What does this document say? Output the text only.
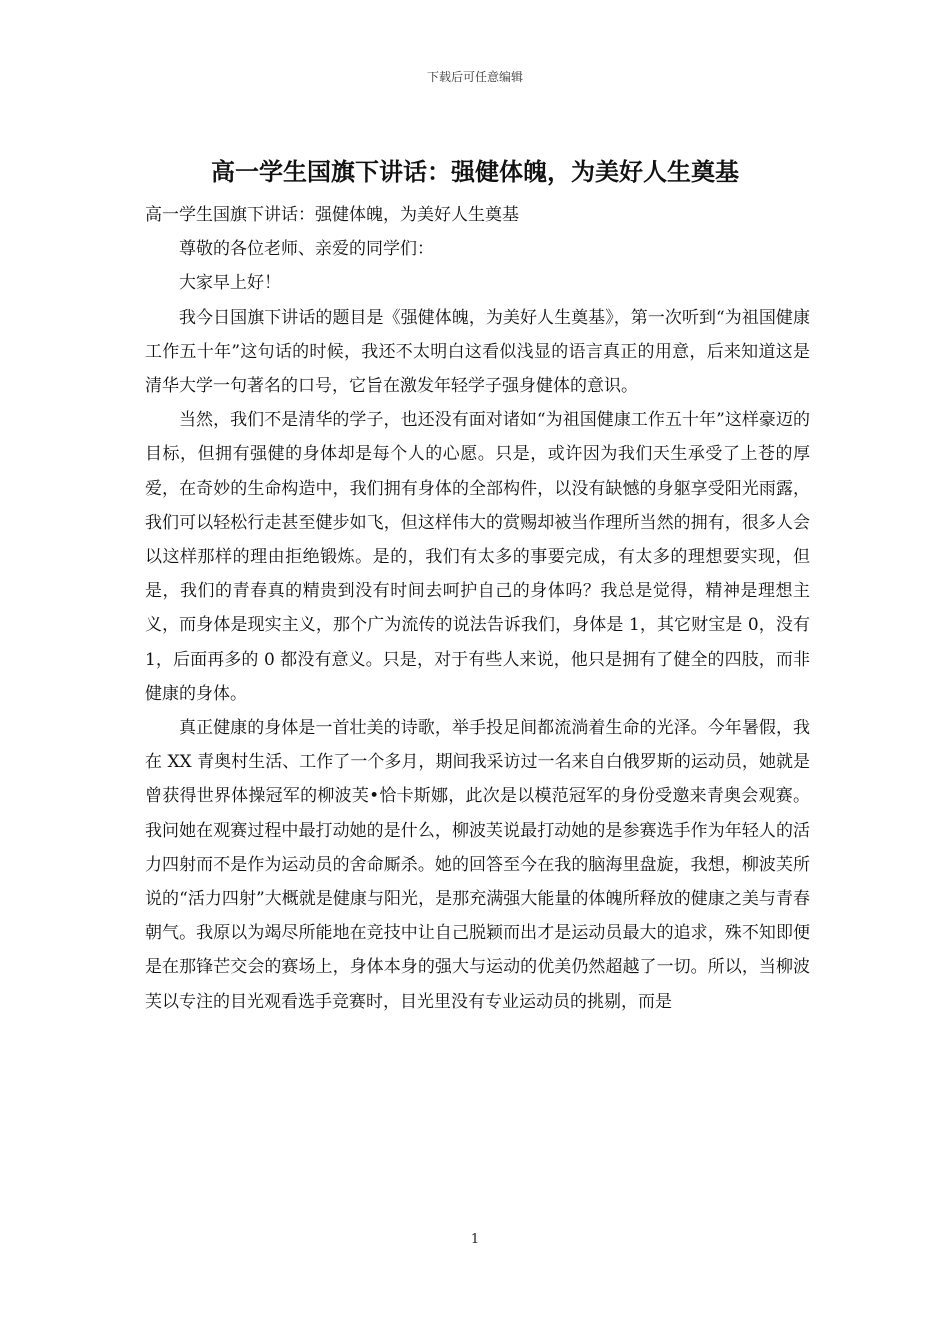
下载后可任意编辑
高一学生国旗下讲话：强健体魄，为美好人生奠基

高一学生国旗下讲话：强健体魄，为美好人生奠基

尊敬的各位老师、亲爱的同学们：

大家早上好！

我今日国旗下讲话的题目是《强健体魄，为美好人生奠基》，第一次听到“为祖国健康工作五十年”这句话的时候，我还不太明白这看似浅显的语言真正的用意，后来知道这是清华大学一句著名的口号，它旨在激发年轻学子强身健体的意识。

当然，我们不是清华的学子，也还没有面对诸如“为祖国健康工作五十年”这样豪迈的目标，但拥有强健的身体却是每个人的心愿。只是，或许因为我们天生承受了上苍的厚爱，在奇妙的生命构造中，我们拥有身体的全部构件，以没有缺憾的身躯享受阳光雨露，我们可以轻松行走甚至健步如飞，但这样伟大的赏赐却被当作理所当然的拥有，很多人会以这样那样的理由拒绝锻炼。是的，我们有太多的事要完成，有太多的理想要实现，但是，我们的青春真的精贵到没有时间去呵护自己的身体吗？我总是觉得，精神是理想主义，而身体是现实主义，那个广为流传的说法告诉我们，身体是 1，其它财宝是 0，没有 1，后面再多的 0 都没有意义。只是，对于有些人来说，他只是拥有了健全的四肢，而非健康的身体。

真正健康的身体是一首壮美的诗歌，举手投足间都流淌着生命的光泽。今年暑假，我在 XX 青奥村生活、工作了一个多月，期间我采访过一名来自白俄罗斯的运动员，她就是曾获得世界体操冠军的柳波芙•恰卡斯娜，此次是以模范冠军的身份受邀来青奥会观赛。我问她在观赛过程中最打动她的是什么，柳波芙说最打动她的是参赛选手作为年轻人的活力四射而不是作为运动员的舍命厮杀。她的回答至今在我的脑海里盘旋，我想，柳波芙所说的“活力四射”大概就是健康与阳光，是那充满强大能量的体魄所释放的健康之美与青春朝气。我原以为竭尽所能地在竞技中让自己脱颖而出才是运动员最大的追求，殊不知即便是在那锋芒交会的赛场上，身体本身的强大与运动的优美仍然超越了一切。所以，当柳波芙以专注的目光观看选手竞赛时，目光里没有专业运动员的挑剔，而是

1
